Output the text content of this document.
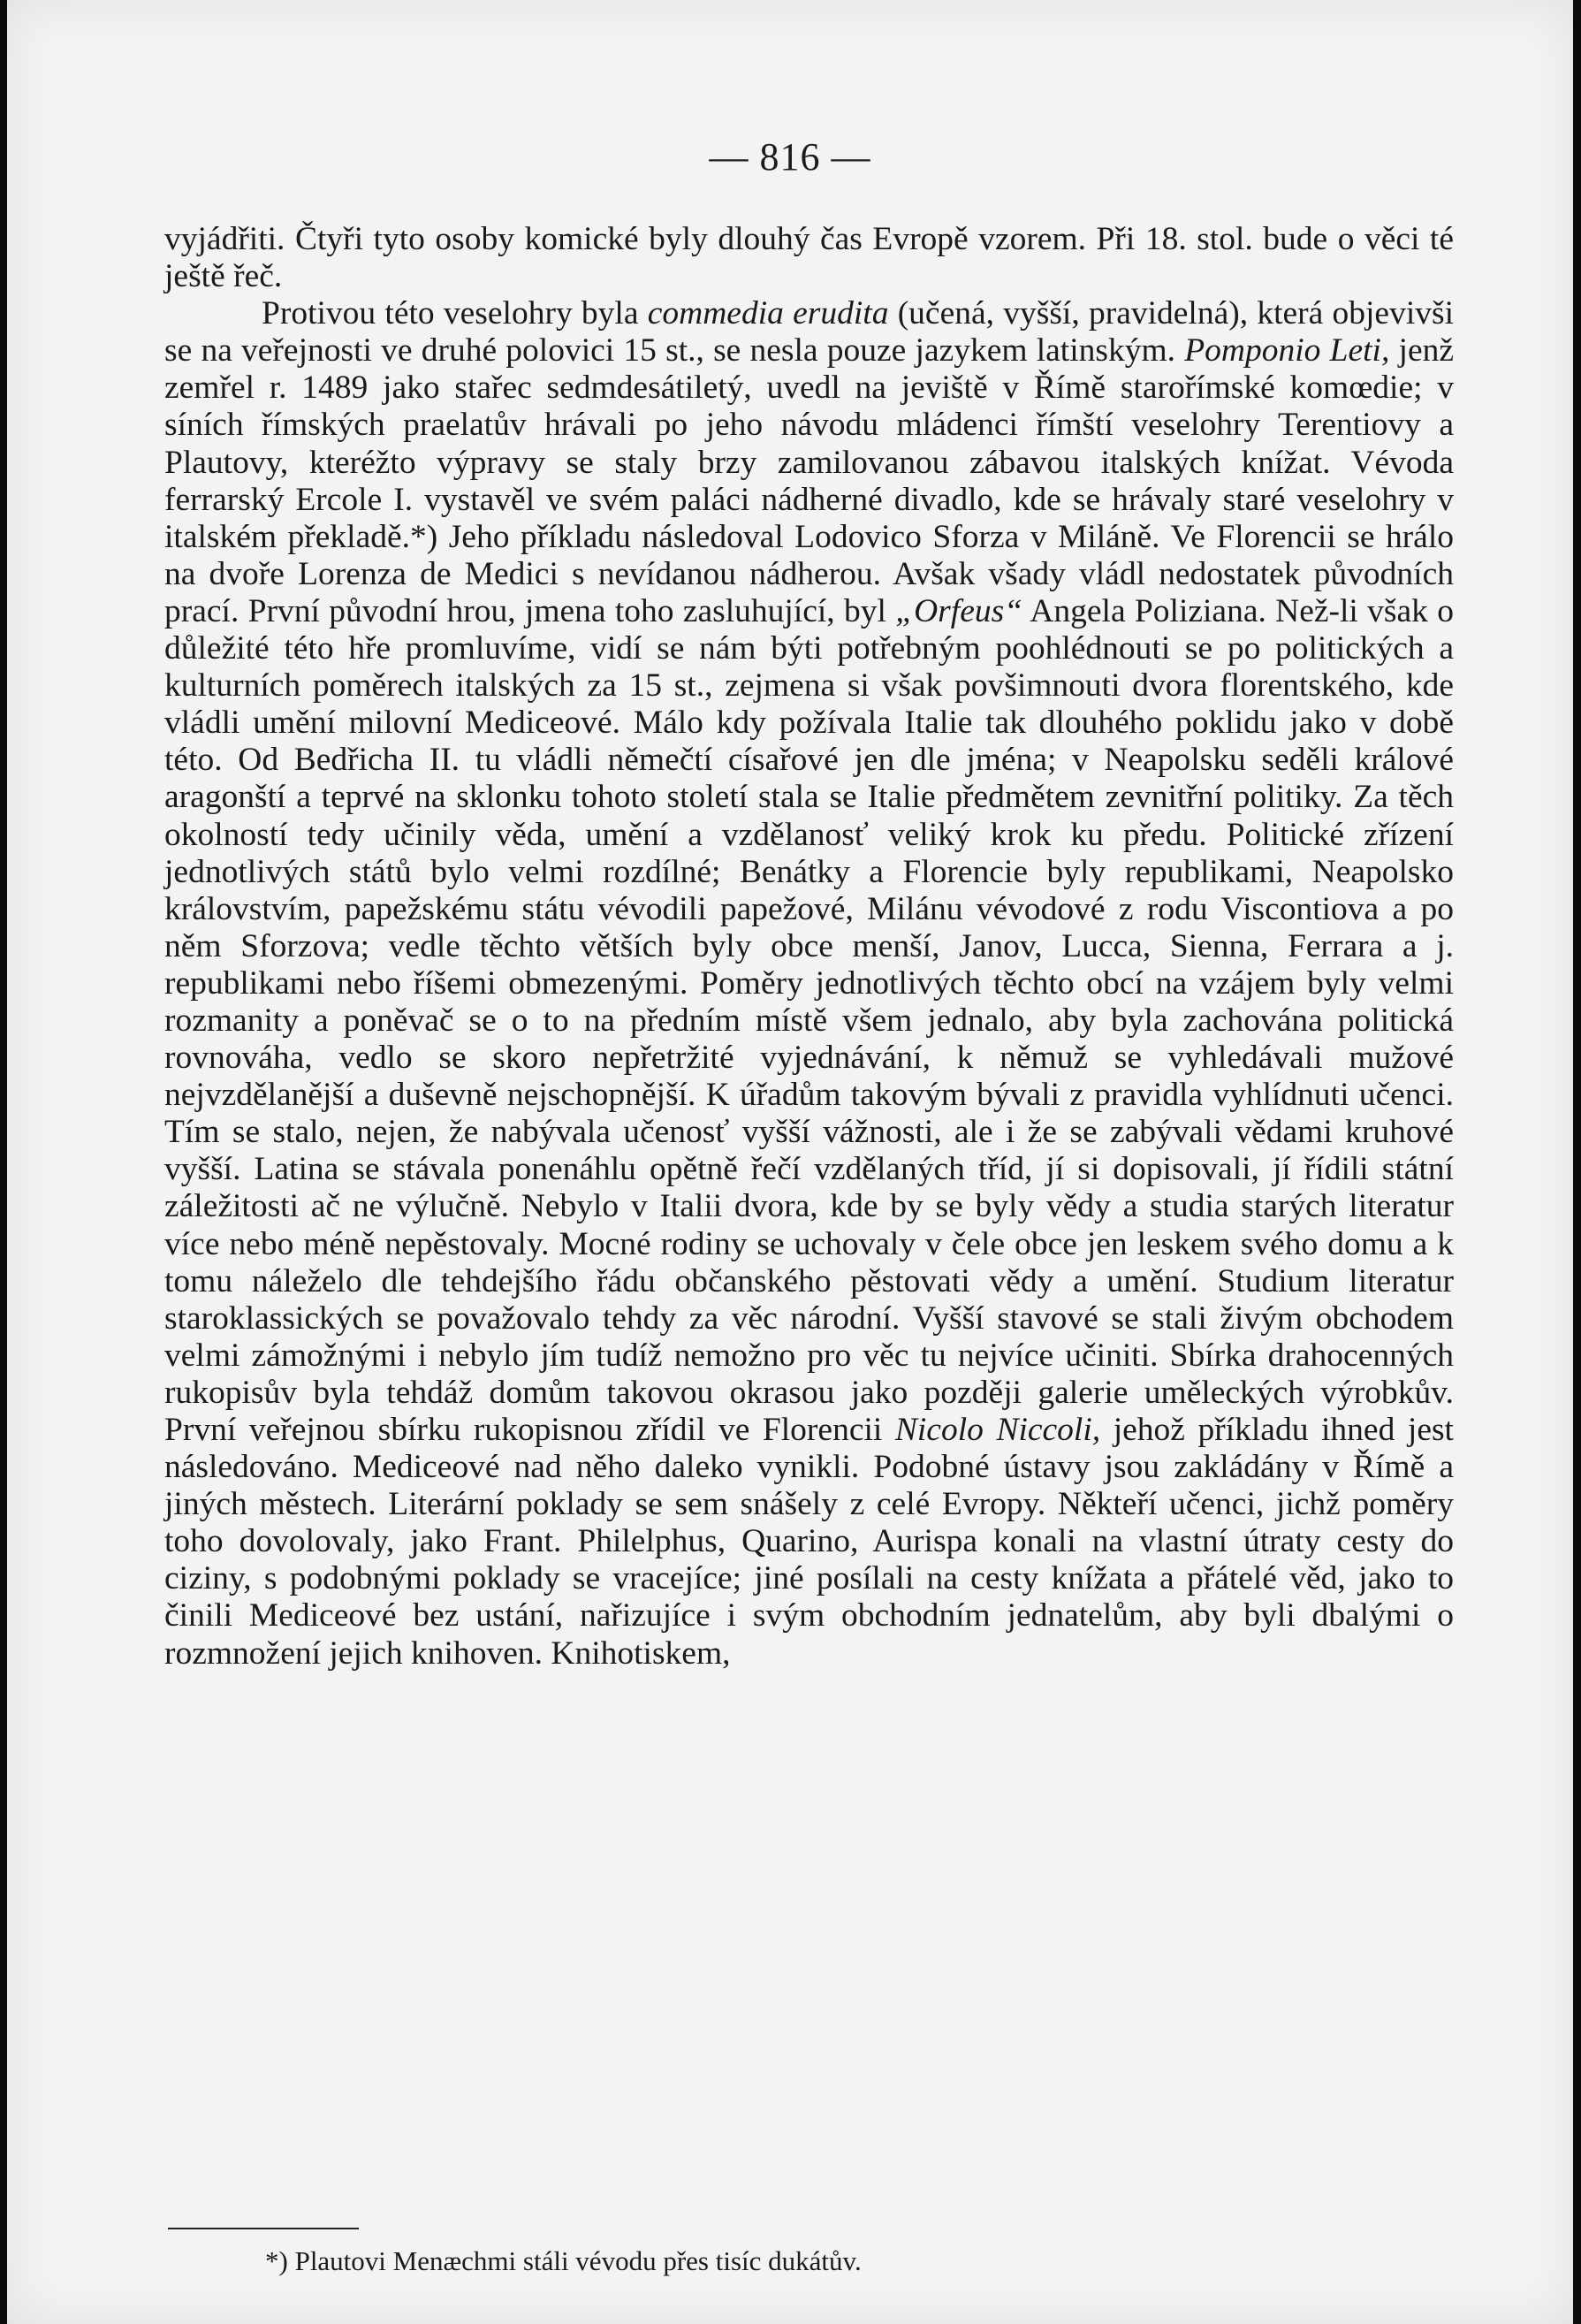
— 816 —

vyjádřiti. Čtyři tyto osoby komické byly dlouhý čas Evropě vzorem. Při 18. stol. bude o věci té ještě řeč.

Protivou této veselohry byla commedia erudita (učená, vyšší, pravidelná), která objevivši se na veřejnosti ve druhé polovici 15 st., se nesla pouze jazykem latinským. Pomponio Leti, jenž zemřel r. 1489 jako stařec sedmdesátiletý, uvedl na jeviště v Římě starořímské komœdie; v síních římských praelatův hrávali po jeho návodu mládenci římští veselohry Terentiovy a Plautovy, kteréžto výpravy se staly brzy zamilovanou zábavou italských knížat. Vévoda ferrarský Ercole I. vystavěl ve svém paláci nádherné divadlo, kde se hrávaly staré veselohry v italském překladě.*) Jeho příkladu následoval Lodovico Sforza v Miláně. Ve Florencii se hrálo na dvoře Lorenza de Medici s nevídanou nádherou. Avšak všady vládl nedostatek původních prací. První původní hrou, jmena toho zasluhující, byl „Orfeus“ Angela Poliziana. Než-li však o důležité této hře promluvíme, vidí se nám býti potřebným poohlédnouti se po politických a kulturních poměrech italských za 15 st., zejmena si však povšimnouti dvora florentského, kde vládli umění milovní Mediceové. Málo kdy požívala Italie tak dlouhého poklidu jako v době této. Od Bedřicha II. tu vládli němečtí císařové jen dle jména; v Neapolsku seděli králové aragonští a teprvé na sklonku tohoto století stala se Italie předmětem zevnitřní politiky. Za těch okolností tedy učinily věda, umění a vzdělanosť veliký krok ku předu. Politické zřízení jednotlivých států bylo velmi rozdílné; Benátky a Florencie byly republikami, Neapolsko královstvím, papežskému státu vévodili papežové, Milánu vévodové z rodu Viscontiova a po něm Sforzova; vedle těchto větších byly obce menší, Janov, Lucca, Sienna, Ferrara a j. republikami nebo říšemi obmezenými. Poměry jednotlivých těchto obcí na vzájem byly velmi rozmanity a poněvač se o to na předním místě všem jednalo, aby byla zachována politická rovnováha, vedlo se skoro nepřetržité vyjednávání, k němuž se vyhledávali mužové nejvzdělanější a duševně nejschopnější. K úřadům takovým bývali z pravidla vyhlídnuti učenci. Tím se stalo, nejen, že nabývala učenosť vyšší vážnosti, ale i že se zabývali vědami kruhové vyšší. Latina se stávala ponenáhlu opětně řečí vzdělaných tříd, jí si dopisovali, jí řídili státní záležitosti ač ne výlučně. Nebylo v Italii dvora, kde by se byly vědy a studia starých literatur více nebo méně nepěstovaly. Mocné rodiny se uchovaly v čele obce jen leskem svého domu a k tomu náleželo dle tehdejšího řádu občanského pěstovati vědy a umění. Studium literatur staroklassických se považovalo tehdy za věc národní. Vyšší stavové se stali živým obchodem velmi zámožnými i nebylo jím tudíž nemožno pro věc tu nejvíce učiniti. Sbírka drahocenných rukopisův byla tehdáž domům takovou okrasou jako později galerie uměleckých výrobkův. První veřejnou sbírku rukopisnou zřídil ve Florencii Nicolo Niccoli, jehož příkladu ihned jest následováno. Mediceové nad něho daleko vynikli. Podobné ústavy jsou zakládány v Římě a jiných městech. Literární poklady se sem snášely z celé Evropy. Někteří učenci, jichž poměry toho dovolovaly, jako Frant. Philelphus, Quarino, Aurispa konali na vlastní útraty cesty do ciziny, s podobnými poklady se vracejíce; jiné posílali na cesty knížata a přátelé věd, jako to činili Mediceové bez ustání, nařizujíce i svým obchodním jednatelům, aby byli dbalými o rozmnožení jejich knihoven. Knihotiskem,

*) Plautovi Menæchmi stáli vévodu přes tisíc dukátův.
